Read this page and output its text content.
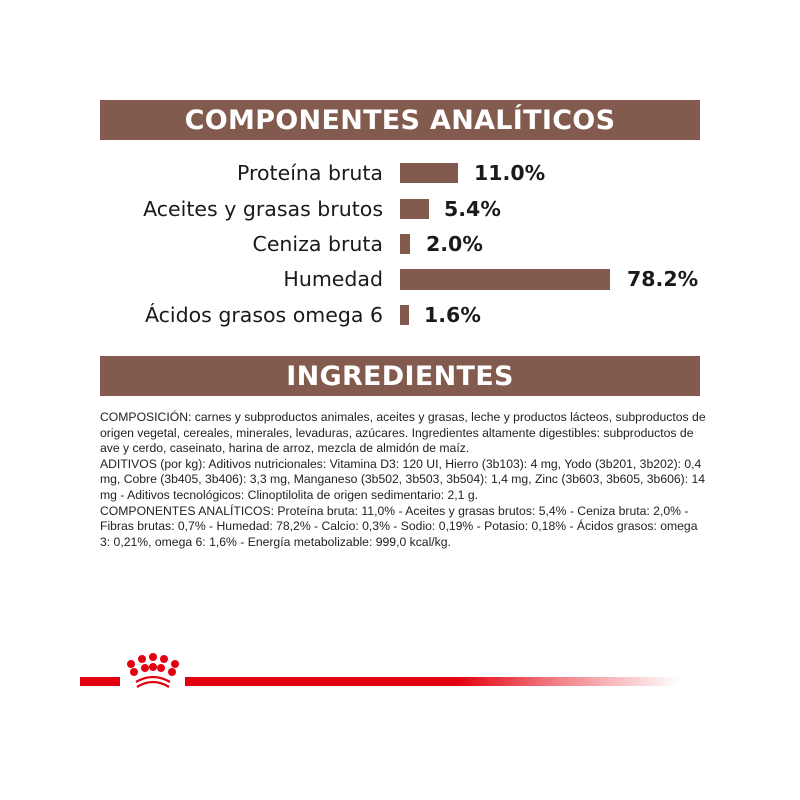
COMPONENTES ANALÍTICOS
Proteína bruta	11.0%
Aceites y grasas brutos	5.4%
Ceniza bruta 2.0%
Humedad	78.2%
Ácidos grasos omega 6 1.6%
INGREDIENTES

COMPOSICIÓN: carnes y subproductos animales, aceites y grasas, leche y productos lácteos, subproductos de origen vegetal, cereales, minerales, levaduras, azúcares. Ingredientes altamente digestibles: subproductos de ave y cerdo, caseinato, harina de arroz, mezcla de almidón de maíz.

ADITIVOS (por kg): Aditivos nutricionales: Vitamina D3: 120 UI, Hierro (3b103): 4 mg, Yodo (3b201, 3b202): 0,4 mg, Cobre (3b405, 3b406): 3,3 mg, Manganeso (3b502, 3b503, 3b504): 1,4 mg, Zinc (3b603, 3b605, 3b606): 14 mg - Aditivos tecnológicos: Clinoptilolita de origen sedimentario: 2,1 g.

COMPONENTES ANALÍTICOS: Proteína bruta: 11,0% - Aceites y grasas brutos: 5,4% - Ceniza bruta: 2,0% - Fibras brutas: 0,7% - Humedad: 78,2% - Calcio: 0,3% - Sodio: 0,19% - Potasio: 0,18% - Ácidos grasos: omega 3: 0,21%, omega 6: 1,6% - Energía metabolizable: 999,0 kcal/kg.
